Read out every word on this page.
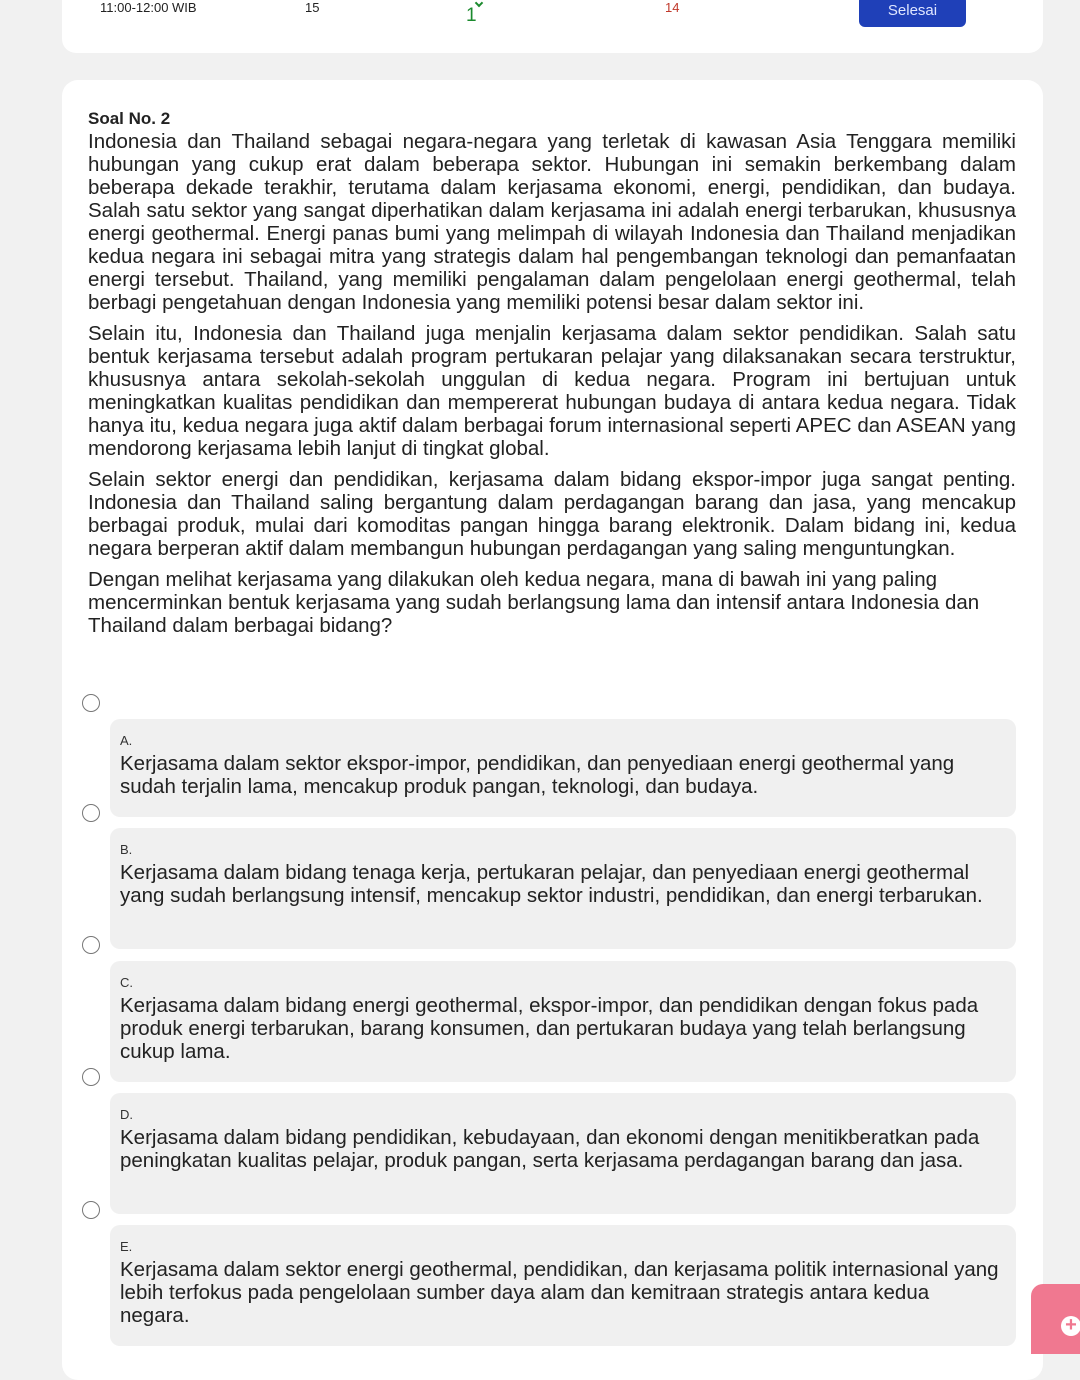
11:00-12:00 WIB	15	1	14	Selesai
Soal No. 2

Indonesia dan Thailand sebagai negara-negara yang terletak di kawasan Asia Tenggara memiliki hubungan yang cukup erat dalam beberapa sektor. Hubungan ini semakin berkembang dalam beberapa dekade terakhir, terutama dalam kerjasama ekonomi, energi, pendidikan, dan budaya. Salah satu sektor yang sangat diperhatikan dalam kerjasama ini adalah energi terbarukan, khususnya energi geothermal. Energi panas bumi yang melimpah di wilayah Indonesia dan Thailand menjadikan kedua negara ini sebagai mitra yang strategis dalam hal pengembangan teknologi dan pemanfaatan energi tersebut. Thailand, yang memiliki pengalaman dalam pengelolaan energi geothermal, telah berbagi pengetahuan dengan Indonesia yang memiliki potensi besar dalam sektor ini.

Selain itu, Indonesia dan Thailand juga menjalin kerjasama dalam sektor pendidikan. Salah satu bentuk kerjasama tersebut adalah program pertukaran pelajar yang dilaksanakan secara terstruktur, khususnya antara sekolah-sekolah unggulan di kedua negara. Program ini bertujuan untuk meningkatkan kualitas pendidikan dan mempererat hubungan budaya di antara kedua negara. Tidak hanya itu, kedua negara juga aktif dalam berbagai forum internasional seperti APEC dan ASEAN yang mendorong kerjasama lebih lanjut di tingkat global.

Selain sektor energi dan pendidikan, kerjasama dalam bidang ekspor-impor juga sangat penting. Indonesia dan Thailand saling bergantung dalam perdagangan barang dan jasa, yang mencakup berbagai produk, mulai dari komoditas pangan hingga barang elektronik. Dalam bidang ini, kedua negara berperan aktif dalam membangun hubungan perdagangan yang saling menguntungkan.

Dengan melihat kerjasama yang dilakukan oleh kedua negara, mana di bawah ini yang paling mencerminkan bentuk kerjasama yang sudah berlangsung lama dan intensif antara Indonesia dan Thailand dalam berbagai bidang?

A.
Kerjasama dalam sektor ekspor-impor, pendidikan, dan penyediaan energi geothermal yang sudah terjalin lama, mencakup produk pangan, teknologi, dan budaya.
B.
Kerjasama dalam bidang tenaga kerja, pertukaran pelajar, dan penyediaan energi geothermal yang sudah berlangsung intensif, mencakup sektor industri, pendidikan, dan energi terbarukan.
C.
Kerjasama dalam bidang energi geothermal, ekspor-impor, dan pendidikan dengan fokus pada produk energi terbarukan, barang konsumen, dan pertukaran budaya yang telah berlangsung cukup lama.
D.
Kerjasama dalam bidang pendidikan, kebudayaan, dan ekonomi dengan menitikberatkan pada peningkatan kualitas pelajar, produk pangan, serta kerjasama perdagangan barang dan jasa.
E.
Kerjasama dalam sektor energi geothermal, pendidikan, dan kerjasama politik internasional yang lebih terfokus pada pengelolaan sumber daya alam dan kemitraan strategis antara kedua negara.	+
